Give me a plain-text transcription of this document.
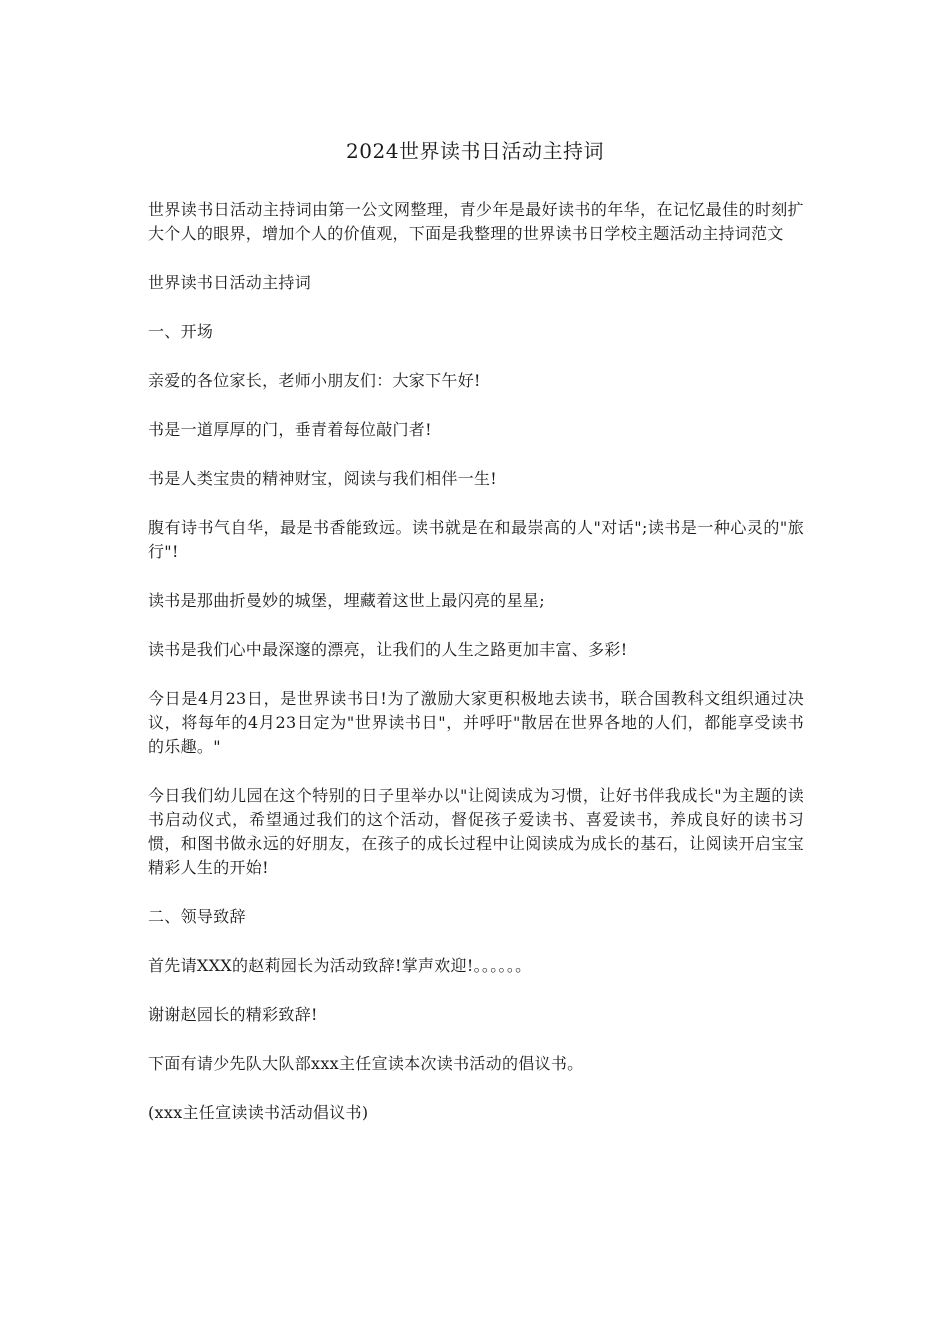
2024世界读书日活动主持词

世界读书日活动主持词由第一公文网整理，青少年是最好读书的年华，在记忆最佳的时刻扩大个人的眼界，增加个人的价值观，下面是我整理的世界读书日学校主题活动主持词范文

世界读书日活动主持词

一、开场

亲爱的各位家长，老师小朋友们：大家下午好!

书是一道厚厚的门，垂青着每位敲门者!

书是人类宝贵的精神财宝，阅读与我们相伴一生!

腹有诗书气自华，最是书香能致远。读书就是在和最崇高的人"对话";读书是一种心灵的"旅行"!

读书是那曲折曼妙的城堡，埋藏着这世上最闪亮的星星;

读书是我们心中最深邃的漂亮，让我们的人生之路更加丰富、多彩!

今日是4月23日，是世界读书日!为了激励大家更积极地去读书，联合国教科文组织通过决议，将每年的4月23日定为"世界读书日"，并呼吁"散居在世界各地的人们，都能享受读书的乐趣。"

今日我们幼儿园在这个特别的日子里举办以"让阅读成为习惯，让好书伴我成长"为主题的读书启动仪式，希望通过我们的这个活动，督促孩子爱读书、喜爱读书，养成良好的读书习惯，和图书做永远的好朋友，在孩子的成长过程中让阅读成为成长的基石，让阅读开启宝宝精彩人生的开始!

二、领导致辞

首先请XXX的赵莉园长为活动致辞!掌声欢迎!。。。。。。

谢谢赵园长的精彩致辞!

下面有请少先队大队部xxx主任宣读本次读书活动的倡议书。

(xxx主任宣读读书活动倡议书)
